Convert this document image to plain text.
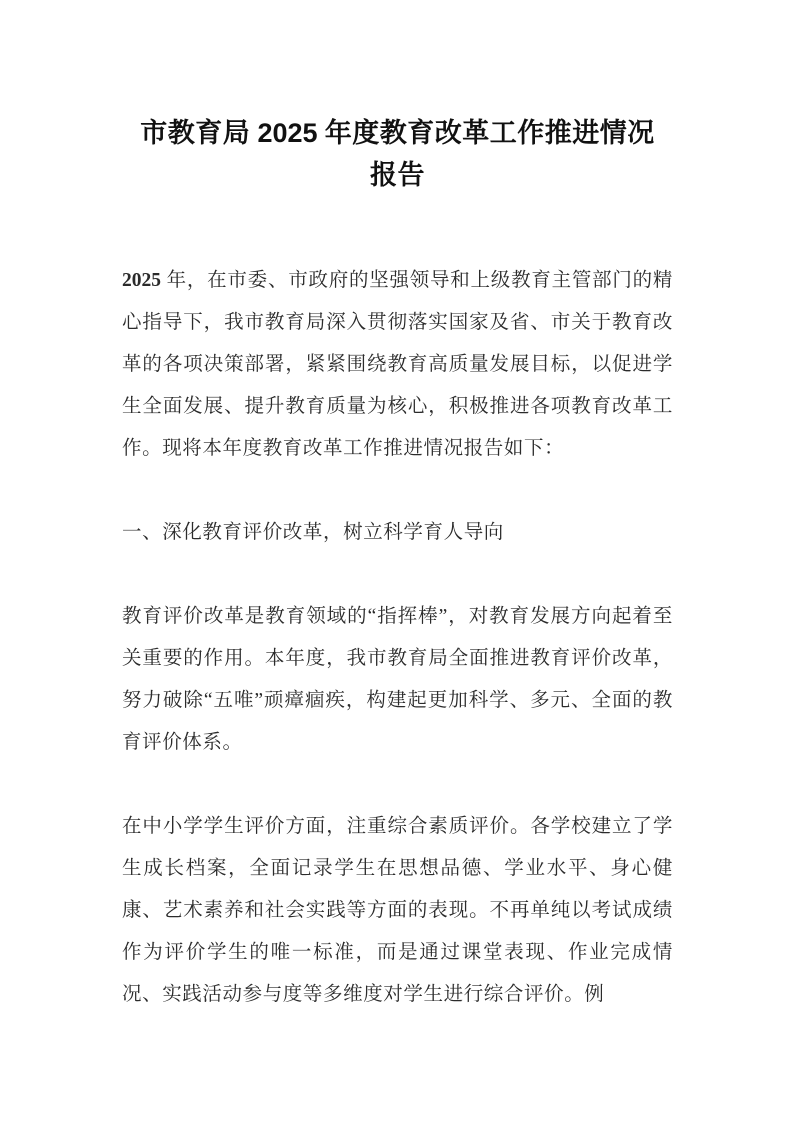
市教育局 2025 年度教育改革工作推进情况
报告

2025 年，在市委、市政府的坚强领导和上级教育主管部门的精心指导下，我市教育局深入贯彻落实国家及省、市关于教育改革的各项决策部署，紧紧围绕教育高质量发展目标，以促进学生全面发展、提升教育质量为核心，积极推进各项教育改革工作。现将本年度教育改革工作推进情况报告如下：

一、深化教育评价改革，树立科学育人导向

教育评价改革是教育领域的“指挥棒”，对教育发展方向起着至关重要的作用。本年度，我市教育局全面推进教育评价改革，努力破除“五唯”顽瘴痼疾，构建起更加科学、多元、全面的教育评价体系。

在中小学学生评价方面，注重综合素质评价。各学校建立了学生成长档案，全面记录学生在思想品德、学业水平、身心健康、艺术素养和社会实践等方面的表现。不再单纯以考试成绩作为评价学生的唯一标准，而是通过课堂表现、作业完成情况、实践活动参与度等多维度对学生进行综合评价。例
